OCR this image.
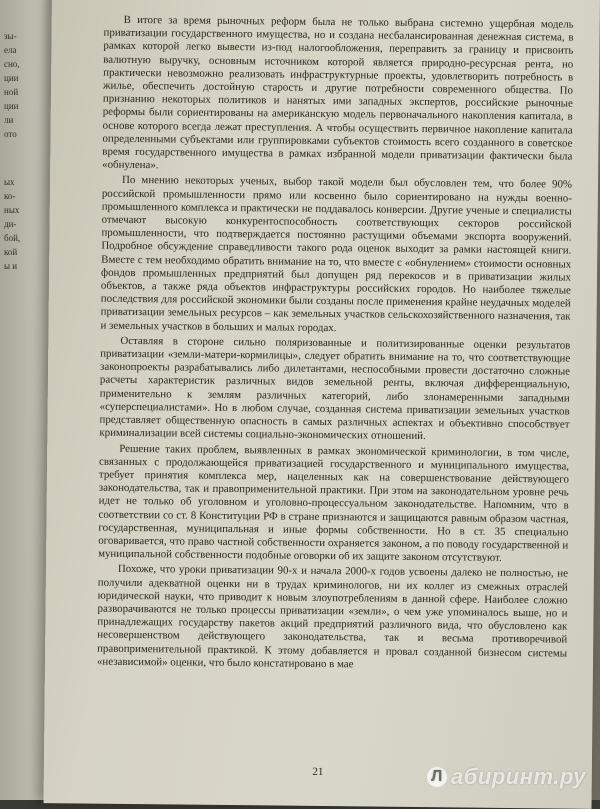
зы-
ела
сно,
ции
ной
ции
ли
ото
ых
ко-
ных
ди-
бой,
кой
ы и

В итоге за время рыночных реформ была не только выбрана системно ущербная модель приватизации государственного имущества, но и создана несбалансированная денежная система, в рамках которой легко вывести из-под налогообложения, переправить за границу и присвоить валютную выручку, основным источником которой является природно-ресурсная рента, но практически невозможно реализовать инфраструктурные проекты, удовлетворить потребность в жилье, обеспечить достойную старость и другие потребности современного общества. По признанию некоторых политиков и нанятых ими западных экспертов, российские рыночные реформы были сориентированы на американскую модель первоначального накопления капитала, в основе которого всегда лежат преступления. А чтобы осуществить первичное накопление капитала определенными субъектами или группировками субъектов стоимость всего созданного в советское время государственного имущества в рамках избранной модели приватизации фактически была «обнулена».

По мнению некоторых ученых, выбор такой модели был обусловлен тем, что более 90% российской промышленности прямо или косвенно было сориентировано на нужды военно-промышленного комплекса и практически не поддавалось конверсии. Другие ученые и специалисты отмечают высокую конкурентоспособность соответствующих секторов российской промышленности, что подтверждается постоянно растущими объемами экспорта вооружений. Подробное обсуждение справедливости такого рода оценок выходит за рамки настоящей книги. Вместе с тем необходимо обратить внимание на то, что вместе с «обнулением» стоимости основных фондов промышленных предприятий был допущен ряд перекосов и в приватизации жилых объектов, а также ряда объектов инфраструктуры российских городов. Но наиболее тяжелые последствия для российской экономики были созданы после применения крайне неудачных моделей приватизации земельных ресурсов – как земельных участков сельскохозяйственного назначения, так и земельных участков в больших и малых городах.

Оставляя в стороне сильно поляризованные и политизированные оценки результатов приватизации «земли-матери-кормилицы», следует обратить внимание на то, что соответствующие законопроекты разрабатывались либо дилетантами, неспособными провести достаточно сложные расчеты характеристик различных видов земельной ренты, включая дифференциальную, применительно к землям различных категорий, либо злонамеренными западными «суперспециалистами». Но в любом случае, созданная система приватизации земельных участков представляет общественную опасность в самых различных аспектах и объективно способствует криминализации всей системы социально-экономических отношений.

Решение таких проблем, выявленных в рамках экономической криминологии, в том числе, связанных с продолжающейся приватизацией государственного и муниципального имущества, требует принятия комплекса мер, нацеленных как на совершенствование действующего законодательства, так и правоприменительной практики. При этом на законодательном уровне речь идет не только об уголовном и уголовно-процессуальном законодательстве. Напомним, что в соответствии со ст. 8 Конституции РФ в стране признаются и защищаются равным образом частная, государственная, муниципальная и иные формы собственности. Но в ст. 35 специально оговаривается, что право частной собственности охраняется законом, а по поводу государственной и муниципальной собственности подобные оговорки об их защите законом отсутствуют.

Похоже, что уроки приватизации 90-х и начала 2000-х годов усвоены далеко не полностью, не получили адекватной оценки ни в трудах криминологов, ни их коллег из смежных отраслей юридической науки, что приводит к новым злоупотреблениям в данной сфере. Наиболее сложно разворачиваются не только процессы приватизации «земли», о чем уже упоминалось выше, но и принадлежащих государству пакетов акций предприятий различного вида, что обусловлено как несовершенством действующего законодательства, так и весьма противоречивой правоприменительной практикой. К этому добавляется и провал созданной бизнесом системы «независимой» оценки, что было констатировано в мае

21	Л абиринт.ру
